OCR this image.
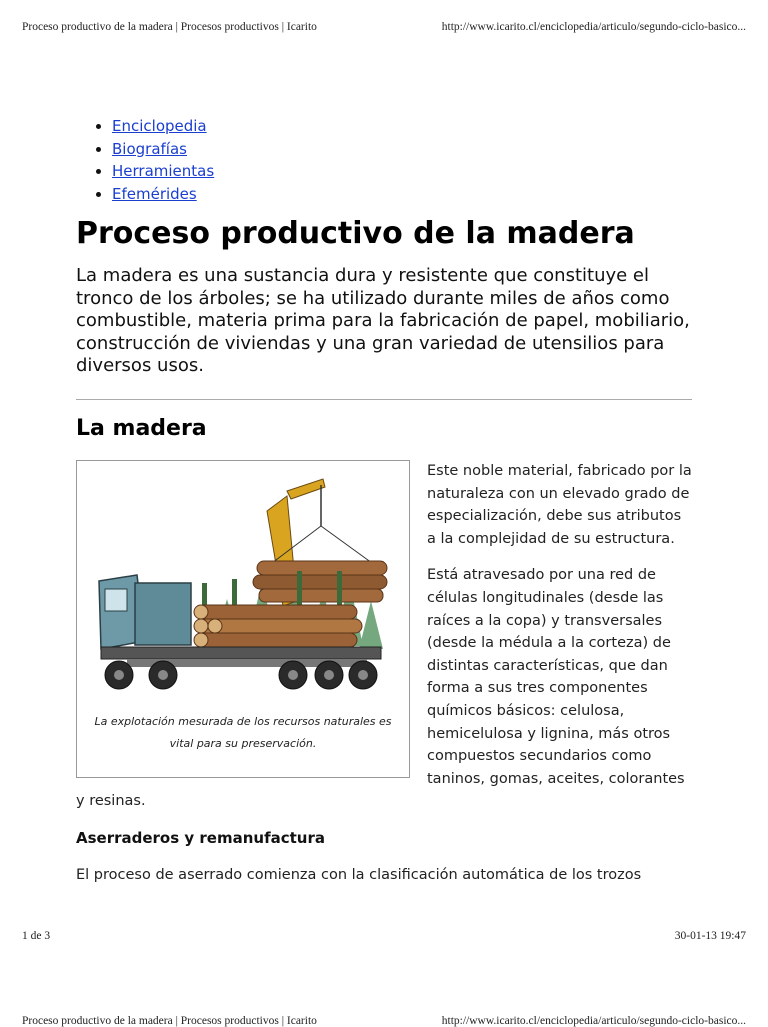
Proceso productivo de la madera | Procesos productivos | Icarito	http://www.icarito.cl/enciclopedia/articulo/segundo-ciclo-basico...
• Enciclopedia
• Biografías
• Herramientas
• Efemérides
Proceso productivo de la madera

La madera es una sustancia dura y resistente que constituye el tronco de los árboles; se ha utilizado durante miles de años como combustible, materia prima para la fabricación de papel, mobiliario, construcción de viviendas y una gran variedad de utensilios para diversos usos.

La madera
La explotación mesurada de los recursos naturales es vital para su preservación.

Este noble material, fabricado por la naturaleza con un elevado grado de especialización, debe sus atributos a la complejidad de su estructura.

Está atravesado por una red de células longitudinales (desde las raíces a la copa) y transversales (desde la médula a la corteza) de distintas características, que dan forma a sus tres componentes químicos básicos: celulosa, hemicelulosa y lignina, más otros compuestos secundarios como taninos, gomas, aceites, colorantes y resinas.

Aserraderos y remanufactura

El proceso de aserrado comienza con la clasificación automática de los trozos

1 de 3	30-01-13 19:47
Proceso productivo de la madera | Procesos productivos | Icarito	http://www.icarito.cl/enciclopedia/articulo/segundo-ciclo-basico...
